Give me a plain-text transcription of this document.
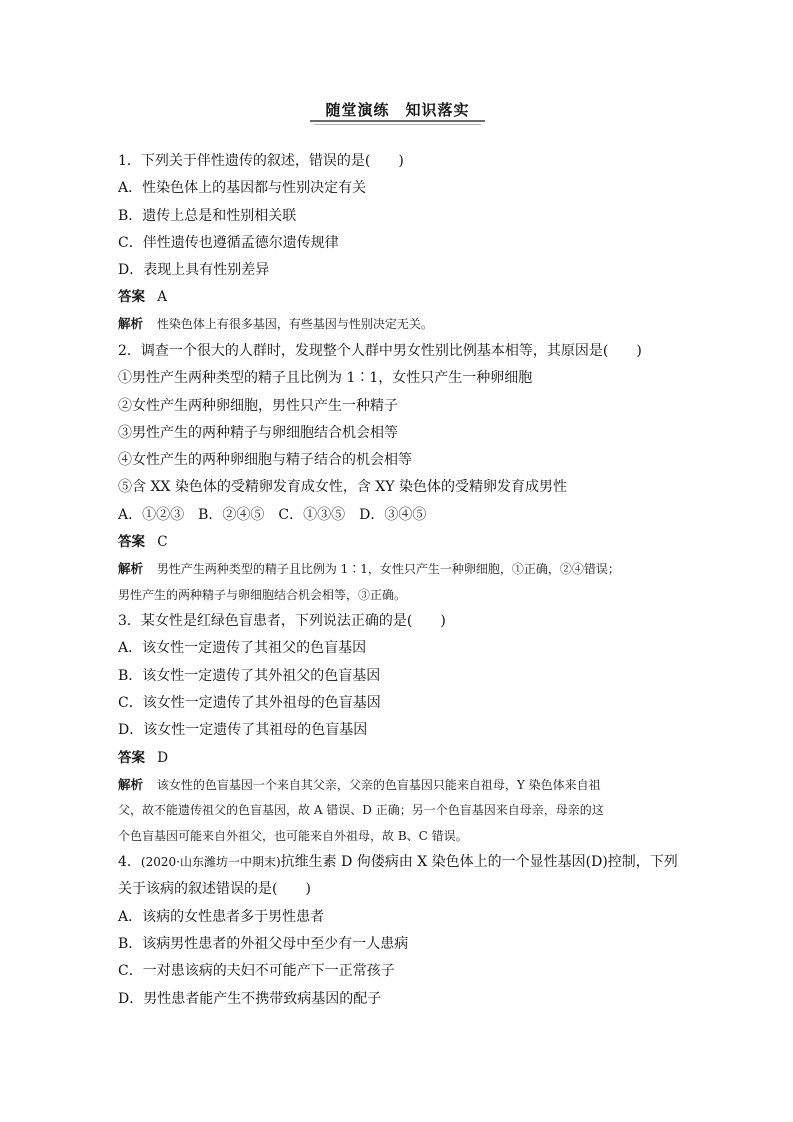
随堂演练　知识落实
1．下列关于伴性遗传的叙述，错误的是(　　)
A．性染色体上的基因都与性别决定有关
B．遗传上总是和性别相关联
C．伴性遗传也遵循孟德尔遗传规律
D．表现上具有性别差异
答案 A
解析 性染色体上有很多基因，有些基因与性别决定无关。
2．调查一个很大的人群时，发现整个人群中男女性别比例基本相等，其原因是(　　)
①男性产生两种类型的精子且比例为 1∶1，女性只产生一种卵细胞
②女性产生两种卵细胞，男性只产生一种精子
③男性产生的两种精子与卵细胞结合机会相等
④女性产生的两种卵细胞与精子结合的机会相等
⑤含 XX 染色体的受精卵发育成女性，含 XY 染色体的受精卵发育成男性
A．①②③　B．②④⑤　C．①③⑤　D．③④⑤
答案 C
解析 男性产生两种类型的精子且比例为 1∶1，女性只产生一种卵细胞，①正确，②④错误；
男性产生的两种精子与卵细胞结合机会相等，③正确。
3．某女性是红绿色盲患者，下列说法正确的是(　　)
A．该女性一定遗传了其祖父的色盲基因
B．该女性一定遗传了其外祖父的色盲基因
C．该女性一定遗传了其外祖母的色盲基因
D．该女性一定遗传了其祖母的色盲基因
答案 D
解析 该女性的色盲基因一个来自其父亲，父亲的色盲基因只能来自祖母，Y 染色体来自祖
父，故不能遗传祖父的色盲基因，故 A 错误、D 正确；另一个色盲基因来自母亲，母亲的这
个色盲基因可能来自外祖父，也可能来自外祖母，故 B、C 错误。
4．(2020·山东潍坊一中期末)抗维生素 D 佝偻病由 X 染色体上的一个显性基因(D)控制，下列
关于该病的叙述错误的是(　　)
A．该病的女性患者多于男性患者
B．该病男性患者的外祖父母中至少有一人患病
C．一对患该病的夫妇不可能产下一正常孩子
D．男性患者能产生不携带致病基因的配子
